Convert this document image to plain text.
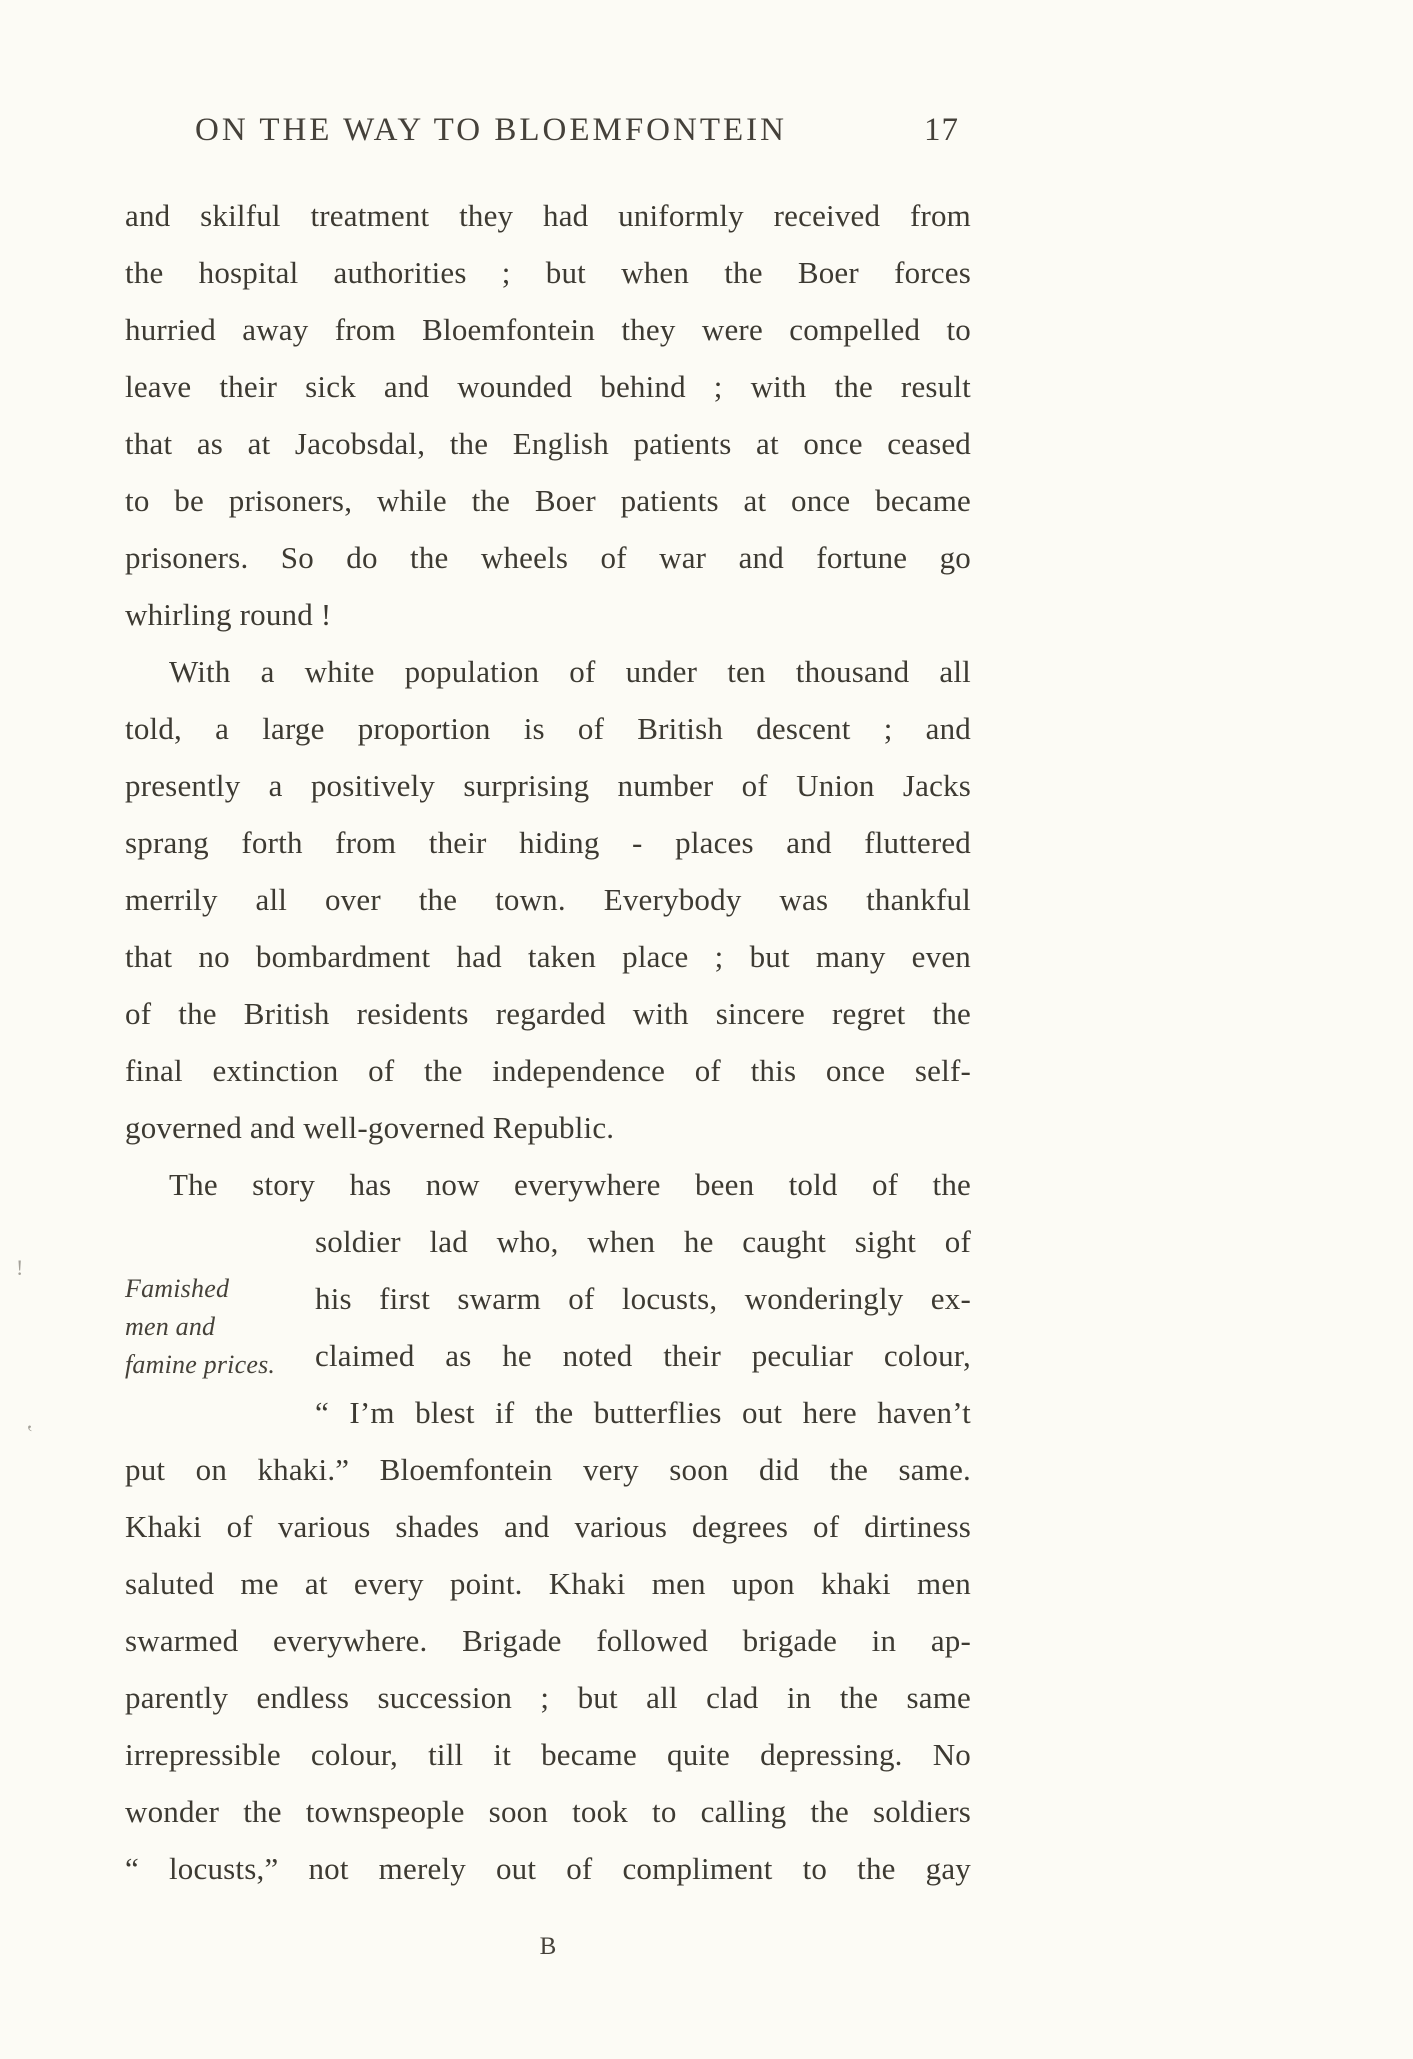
!
‛
ON THE WAY TO BLOEMFONTEIN	17
and skilful treatment they had uniformly received from
the hospital authorities ; but when the Boer forces
hurried away from Bloemfontein they were compelled to
leave their sick and wounded behind ; with the result
that as at Jacobsdal, the English patients at once ceased
to be prisoners, while the Boer patients at once became
prisoners. So do the wheels of war and fortune go
whirling round !
With a white population of under ten thousand all
told, a large proportion is of British descent ; and
presently a positively surprising number of Union Jacks
sprang forth from their hiding - places and fluttered
merrily all over the town. Everybody was thankful
that no bombardment had taken place ; but many even
of the British residents regarded with sincere regret the
final extinction of the independence of this once self-
governed and well-governed Republic.
The story has now everywhere been told of the
Famished
men and
famine prices.
soldier lad who, when he caught sight of
his first swarm of locusts, wonderingly ex-
claimed as he noted their peculiar colour,
“ I’m blest if the butterflies out here haven’t
put on khaki.” Bloemfontein very soon did the same.
Khaki of various shades and various degrees of dirtiness
saluted me at every point. Khaki men upon khaki men
swarmed everywhere. Brigade followed brigade in ap-
parently endless succession ; but all clad in the same
irrepressible colour, till it became quite depressing. No
wonder the townspeople soon took to calling the soldiers
“ locusts,” not merely out of compliment to the gay
B
